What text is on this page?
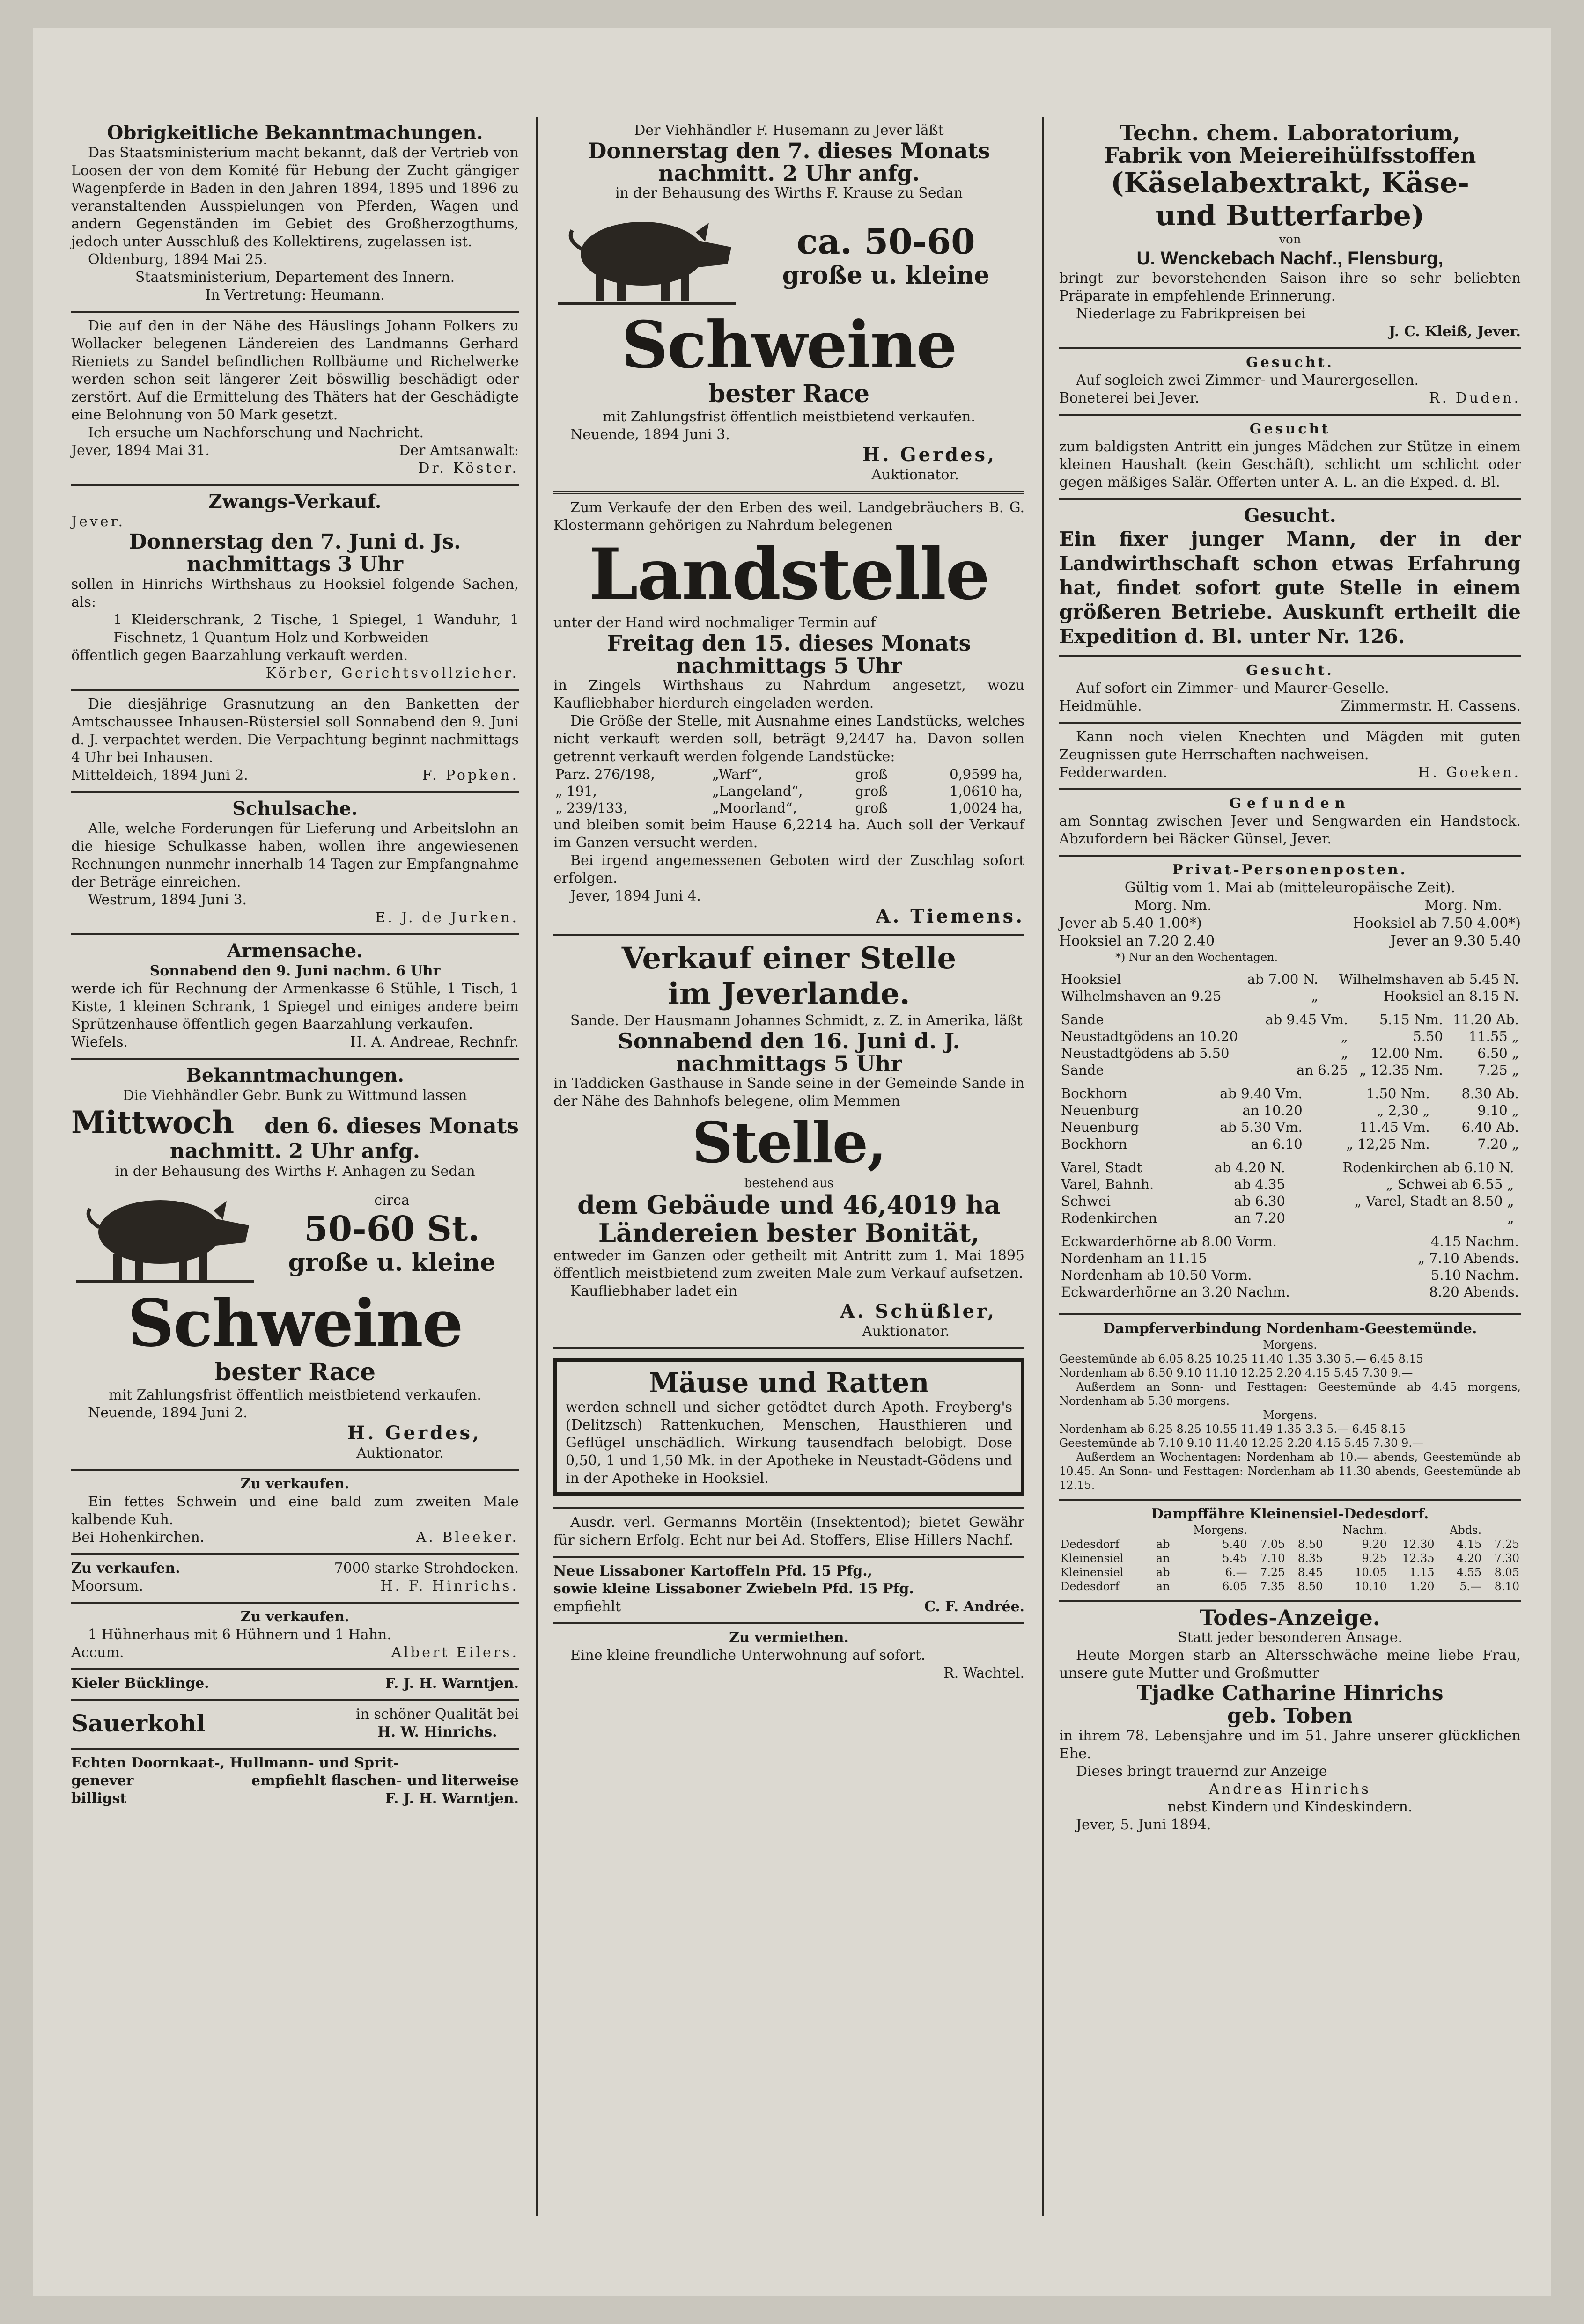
Obrigkeitliche Bekanntmachungen.

Das Staatsministerium macht bekannt, daß der Vertrieb von Loosen der von dem Komité für Hebung der Zucht gängiger Wagenpferde in Baden in den Jahren 1894, 1895 und 1896 zu veranstaltenden Ausspielungen von Pferden, Wagen und andern Gegenständen im Gebiet des Großherzogthums, jedoch unter Ausschluß des Kollektirens, zugelassen ist.

Oldenburg, 1894 Mai 25.

Staatsministerium, Departement des Innern.

In Vertretung: Heumann.

Die auf den in der Nähe des Häuslings Johann Folkers zu Wollacker belegenen Ländereien des Landmanns Gerhard Rieniets zu Sandel befindlichen Rollbäume und Richelwerke werden schon seit längerer Zeit böswillig beschädigt oder zerstört. Auf die Ermittelung des Thäters hat der Geschädigte eine Belohnung von 50 Mark gesetzt.

Ich ersuche um Nachforschung und Nachricht.

Jever, 1894 Mai 31.	Der Amtsanwalt:

Dr. Köster.

Zwangs-Verkauf.

Jever.

Donnerstag den 7. Juni d. Js.

nachmittags 3 Uhr

sollen in Hinrichs Wirthshaus zu Hooksiel folgende Sachen, als:

1 Kleiderschrank, 2 Tische, 1 Spiegel, 1 Wanduhr, 1 Fischnetz, 1 Quantum Holz und Korbweiden

öffentlich gegen Baarzahlung verkauft werden.

Körber, Gerichtsvollzieher.

Die diesjährige Grasnutzung an den Banketten der Amtschaussee Inhausen-Rüstersiel soll Sonnabend den 9. Juni d. J. verpachtet werden. Die Verpachtung beginnt nachmittags 4 Uhr bei Inhausen.

Mitteldeich, 1894 Juni 2.	F. Popken.

Schulsache.

Alle, welche Forderungen für Lieferung und Arbeitslohn an die hiesige Schulkasse haben, wollen ihre angewiesenen Rechnungen nunmehr innerhalb 14 Tagen zur Empfangnahme der Beträge einreichen.

Westrum, 1894 Juni 3.

E. J. de Jurken.

Armensache.

Sonnabend den 9. Juni nachm. 6 Uhr

werde ich für Rechnung der Armenkasse 6 Stühle, 1 Tisch, 1 Kiste, 1 kleinen Schrank, 1 Spiegel und einiges andere beim Sprützenhause öffentlich gegen Baarzahlung verkaufen.

Wiefels.	H. A. Andreae, Rechnfr.

Bekanntmachungen.

Die Viehhändler Gebr. Bunk zu Wittmund lassen

Mittwoch den 6. dieses Monats

nachmitt. 2 Uhr anfg.

in der Behausung des Wirths F. Anhagen zu Sedan

circa

50-60 St.

große u. kleine

Schweine

bester Race

mit Zahlungsfrist öffentlich meistbietend verkaufen.

Neuende, 1894 Juni 2.

H. Gerdes,

Auktionator.

Zu verkaufen.

Ein fettes Schwein und eine bald zum zweiten Male kalbende Kuh.

Bei Hohenkirchen.	A. Bleeker.
Zu verkaufen.	7000 starke Strohdocken.
Moorsum.	H. F. Hinrichs.

Zu verkaufen.

1 Hühnerhaus mit 6 Hühnern und 1 Hahn.

Accum.	Albert Eilers.
Kieler Bücklinge.	F. J. H. Warntjen.
Sauerkohl	in schöner Qualität bei
H. W. Hinrichs.

Echten Doornkaat-, Hullmann- und Sprit-

genever	empfiehlt flaschen- und literweise
billigst	F. J. H. Warntjen.

Der Viehhändler F. Husemann zu Jever läßt

Donnerstag den 7. dieses Monats

nachmitt. 2 Uhr anfg.

in der Behausung des Wirths F. Krause zu Sedan

ca. 50-60

große u. kleine

Schweine

bester Race

mit Zahlungsfrist öffentlich meistbietend verkaufen.

Neuende, 1894 Juni 3.

H. Gerdes,

Auktionator.

Zum Verkaufe der den Erben des weil. Landgebräuchers B. G. Klostermann gehörigen zu Nahrdum belegenen

Landstelle

unter der Hand wird nochmaliger Termin auf

Freitag den 15. dieses Monats

nachmittags 5 Uhr

in Zingels Wirthshaus zu Nahrdum angesetzt, wozu Kaufliebhaber hierdurch eingeladen werden.

Die Größe der Stelle, mit Ausnahme eines Landstücks, welches nicht verkauft werden soll, beträgt 9,2447 ha. Davon sollen getrennt verkauft werden folgende Landstücke:

Parz. 276/198,	„Warf“,	groß	0,9599 ha,
„ 191,	„Langeland“,	groß	1,0610 ha,
„ 239/133,	„Moorland“,	groß	1,0024 ha,

und bleiben somit beim Hause 6,2214 ha. Auch soll der Verkauf im Ganzen versucht werden.

Bei irgend angemessenen Geboten wird der Zuschlag sofort erfolgen.

Jever, 1894 Juni 4.

A. Tiemens.

Verkauf einer Stelle

im Jeverlande.

Sande. Der Hausmann Johannes Schmidt, z. Z. in Amerika, läßt

Sonnabend den 16. Juni d. J.

nachmittags 5 Uhr

in Taddicken Gasthause in Sande seine in der Gemeinde Sande in der Nähe des Bahnhofs belegene, olim Memmen

Stelle,

bestehend aus

dem Gebäude und 46,4019 ha

Ländereien bester Bonität,

entweder im Ganzen oder getheilt mit Antritt zum 1. Mai 1895 öffentlich meistbietend zum zweiten Male zum Verkauf aufsetzen.

Kaufliebhaber ladet ein

A. Schüßler,

Auktionator.

Mäuse und Ratten

werden schnell und sicher getödtet durch Apoth. Freyberg's (Delitzsch) Rattenkuchen, Menschen, Hausthieren und Geflügel unschädlich. Wirkung tausendfach belobigt. Dose 0,50, 1 und 1,50 Mk. in der Apotheke in Neustadt-Gödens und in der Apotheke in Hooksiel.

Ausdr. verl. Germanns Mortëin (Insektentod); bietet Gewähr für sichern Erfolg. Echt nur bei Ad. Stoffers, Elise Hillers Nachf.

Neue Lissaboner Kartoffeln Pfd. 15 Pfg.,

sowie kleine Lissaboner Zwiebeln Pfd. 15 Pfg.

empfiehlt	C. F. Andrée.

Zu vermiethen.

Eine kleine freundliche Unterwohnung auf sofort.

R. Wachtel.

Techn. chem. Laboratorium,

Fabrik von Meiereihülfsstoffen

(Käselabextrakt, Käse-

und Butterfarbe)

von

U. Wenckebach Nachf., Flensburg,

bringt zur bevorstehenden Saison ihre so sehr beliebten Präparate in empfehlende Erinnerung.

Niederlage zu Fabrikpreisen bei

J. C. Kleiß, Jever.

Gesucht.

Auf sogleich zwei Zimmer- und Maurergesellen.

Boneterei bei Jever.	R. Duden.

Gesucht

zum baldigsten Antritt ein junges Mädchen zur Stütze in einem kleinen Haushalt (kein Geschäft), schlicht um schlicht oder gegen mäßiges Salär. Offerten unter A. L. an die Exped. d. Bl.

Gesucht.

Ein fixer junger Mann, der in der Landwirthschaft schon etwas Erfahrung hat, findet sofort gute Stelle in einem größeren Betriebe. Auskunft ertheilt die Expedition d. Bl. unter Nr. 126.

Gesucht.

Auf sofort ein Zimmer- und Maurer-Geselle.

Heidmühle.	Zimmermstr. H. Cassens.

Kann noch vielen Knechten und Mägden mit guten Zeugnissen gute Herrschaften nachweisen.

Fedderwarden.	H. Goeken.

Gefunden

am Sonntag zwischen Jever und Sengwarden ein Handstock. Abzufordern bei Bäcker Günsel, Jever.

Privat-Personenposten.

Gültig vom 1. Mai ab (mitteleuropäische Zeit).

Morg. Nm.	Morg. Nm.
Jever ab 5.40 1.00*)	Hooksiel ab 7.50 4.00*)
Hooksiel an 7.20 2.40	Jever an 9.30 5.40

*) Nur an den Wochentagen.

Hooksiel	ab 7.00 N.	Wilhelmshaven ab 5.45 N.
Wilhelmshaven an 9.25	„	Hooksiel an 8.15 N.
Sande	ab 9.45 Vm.	5.15 Nm.	11.20 Ab.
Neustadtgödens an 10.20	„	5.50	11.55 „
Neustadtgödens ab 5.50	„	12.00 Nm.	6.50 „
Sande	an 6.25	„ 12.35 Nm.	7.25 „
Bockhorn	ab 9.40 Vm.	1.50 Nm.	8.30 Ab.
Neuenburg	an 10.20	„ 2,30 „	9.10 „
Neuenburg	ab 5.30 Vm.	11.45 Vm.	6.40 Ab.
Bockhorn	an 6.10	„ 12,25 Nm.	7.20 „
Varel, Stadt	ab 4.20 N.	Rodenkirchen ab 6.10 N.	
Varel, Bahnh.	ab 4.35	„ Schwei ab 6.55 „	
Schwei	ab 6.30	„ Varel, Stadt an 8.50 „	
Rodenkirchen	an 7.20	„	
Eckwarderhörne ab 8.00 Vorm.	4.15 Nachm.
Nordenham an 11.15	„ 7.10 Abends.
Nordenham ab 10.50 Vorm.	5.10 Nachm.
Eckwarderhörne an 3.20 Nachm.	8.20 Abends.

Dampferverbindung Nordenham-Geestemünde.

Morgens.

Geestemünde ab 6.05 8.25 10.25 11.40 1.35 3.30 5.— 6.45 8.15

Nordenham ab 6.50 9.10 11.10 12.25 2.20 4.15 5.45 7.30 9.—

Außerdem an Sonn- und Festtagen: Geestemünde ab 4.45 morgens, Nordenham ab 5.30 morgens.

Morgens.

Nordenham ab 6.25 8.25 10.55 11.49 1.35 3.3 5.— 6.45 8.15

Geestemünde ab 7.10 9.10 11.40 12.25 2.20 4.15 5.45 7.30 9.—

Außerdem an Wochentagen: Nordenham ab 10.— abends, Geestemünde ab 10.45. An Sonn- und Festtagen: Nordenham ab 11.30 abends, Geestemünde ab 12.15.

Dampffähre Kleinensiel-Dedesdorf.

		Morgens.			Nachm.		Abds.	
Dedesdorf	ab	5.40	7.05	8.50	9.20	12.30	4.15	7.25
Kleinensiel	an	5.45	7.10	8.35	9.25	12.35	4.20	7.30
Kleinensiel	ab	6.—	7.25	8.45	10.05	1.15	4.55	8.05
Dedesdorf	an	6.05	7.35	8.50	10.10	1.20	5.—	8.10

Todes-Anzeige.

Statt jeder besonderen Ansage.

Heute Morgen starb an Altersschwäche meine liebe Frau, unsere gute Mutter und Großmutter

Tjadke Catharine Hinrichs

geb. Toben

in ihrem 78. Lebensjahre und im 51. Jahre unserer glücklichen Ehe.

Dieses bringt trauernd zur Anzeige

Andreas Hinrichs

nebst Kindern und Kindeskindern.

Jever, 5. Juni 1894.
